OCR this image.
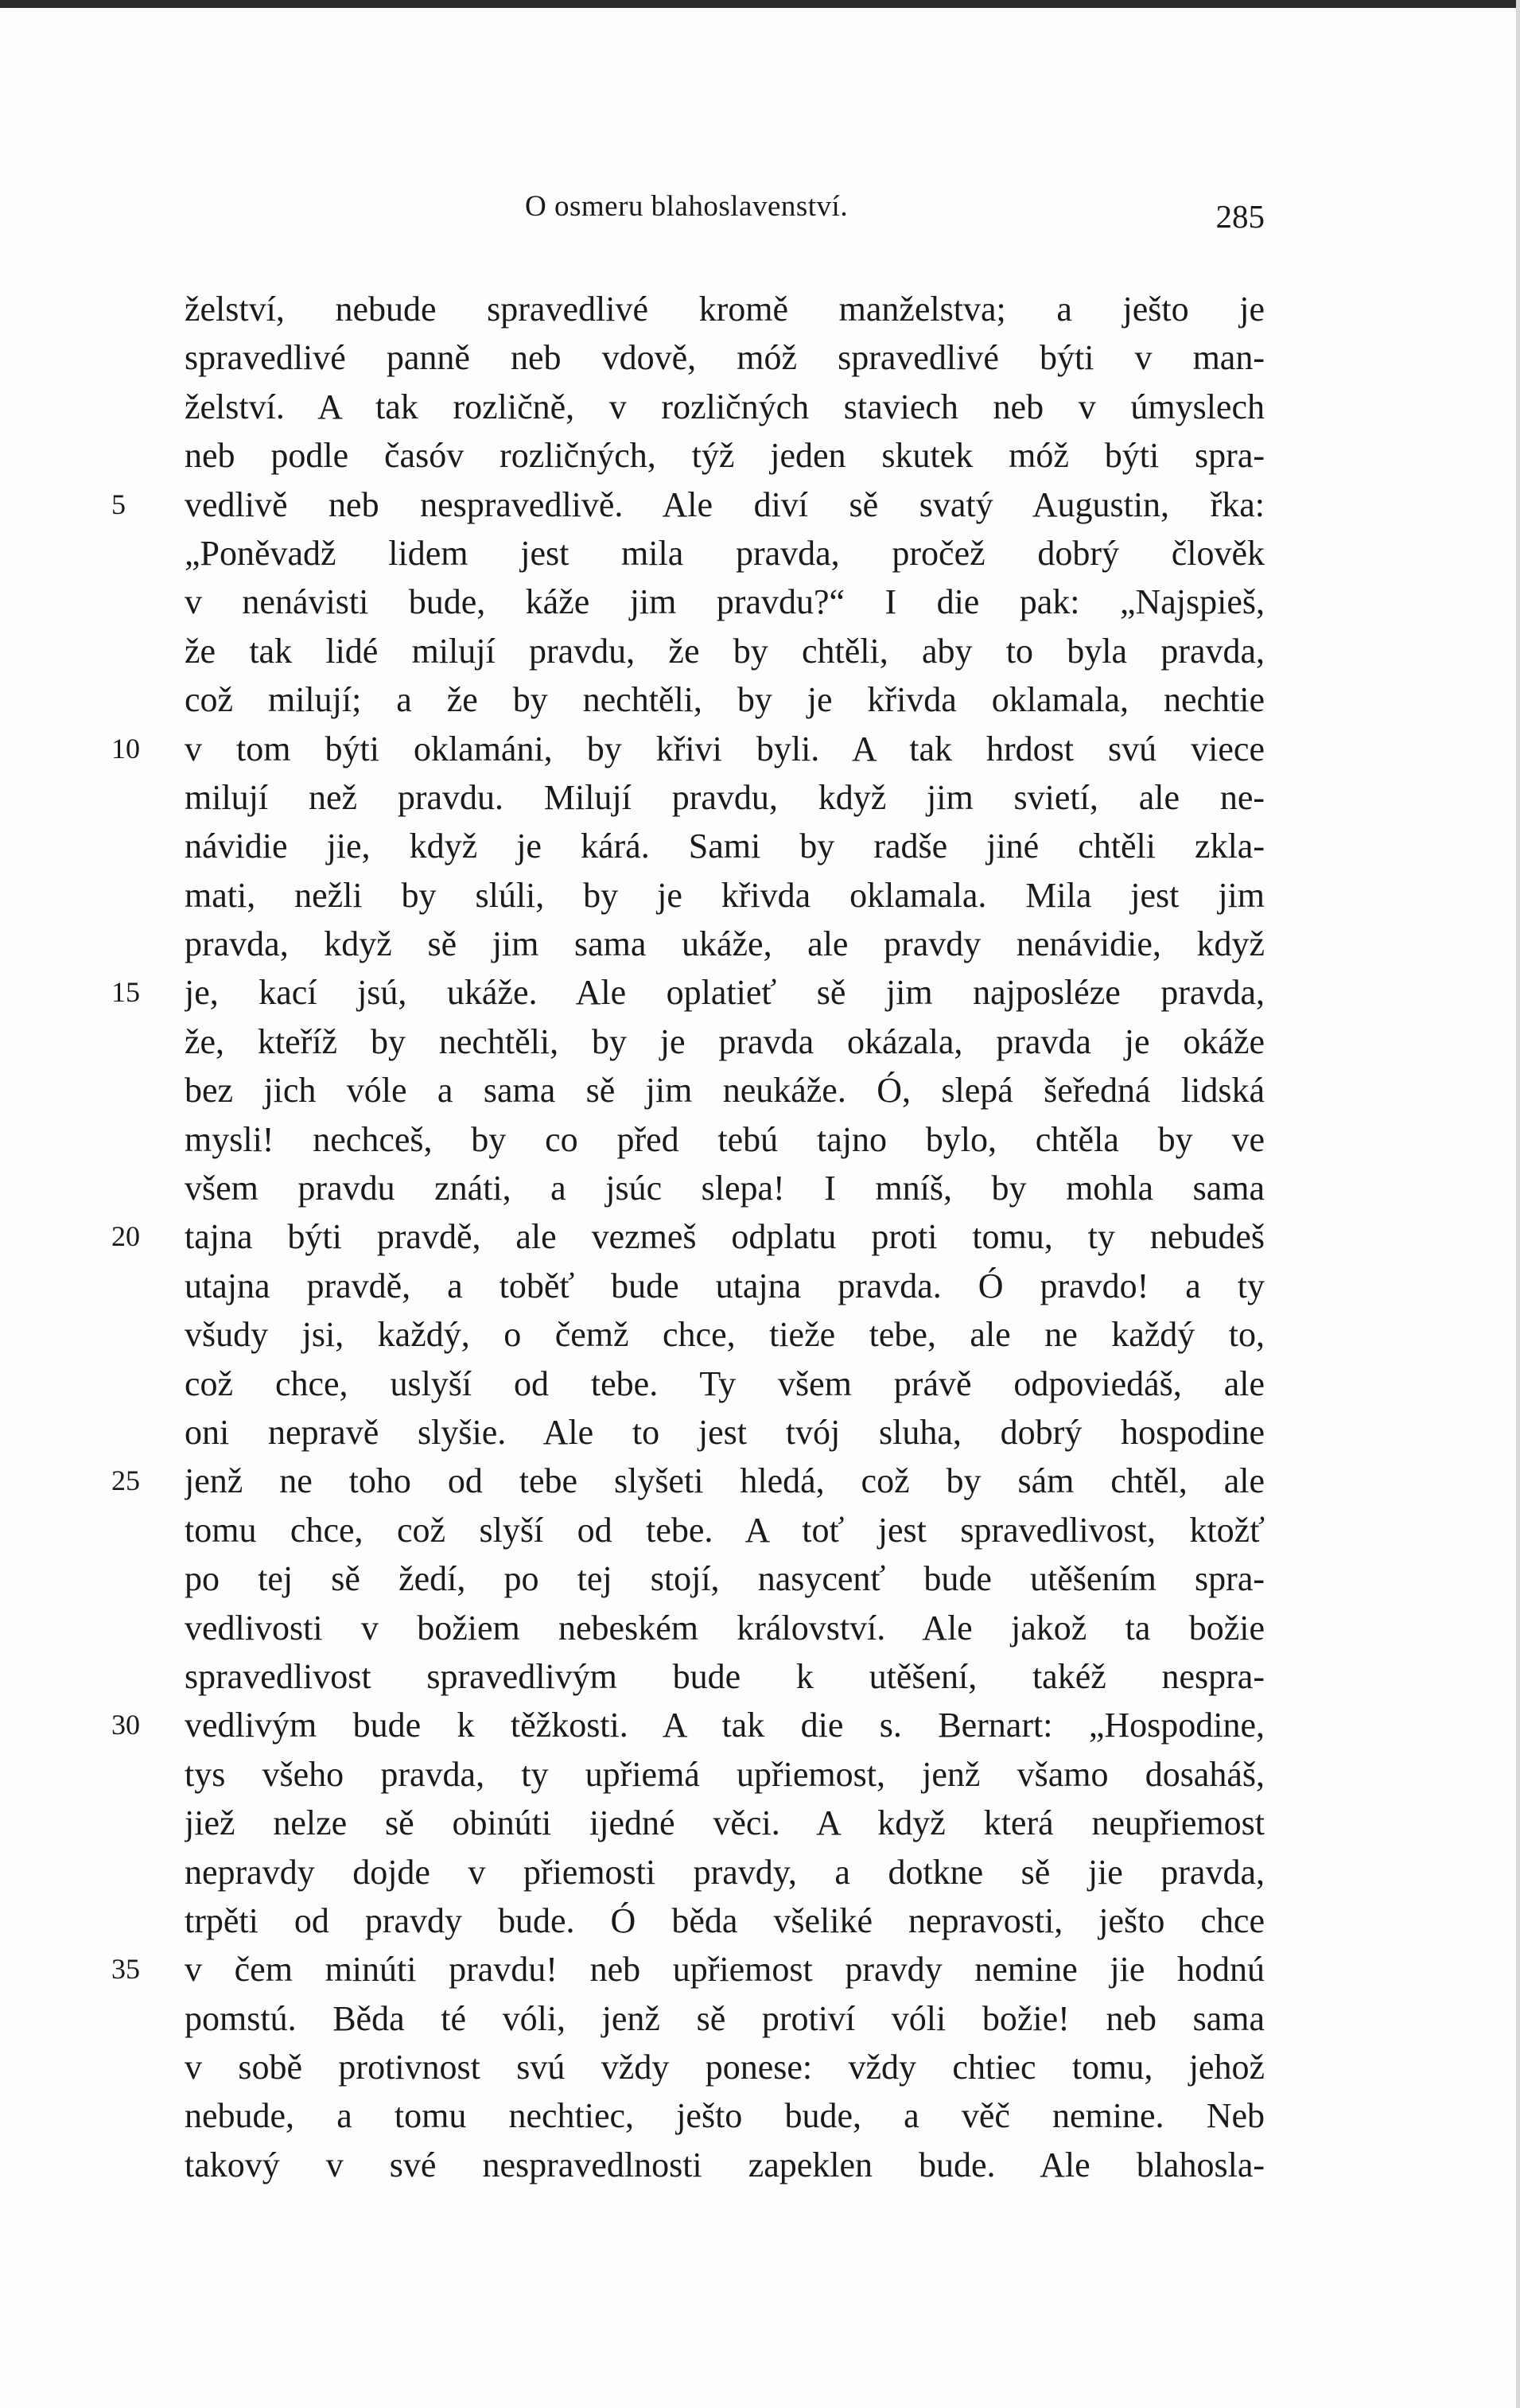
O osmeru blahoslavenství.	285
želství, nebude spravedlivé kromě manželstva; a ješto je
spravedlivé panně neb vdově, móž spravedlivé býti v man-
želství. A tak rozličně, v rozličných staviech neb v úmyslech
neb podle časóv rozličných, týž jeden skutek móž býti spra-
5	vedlivě neb nespravedlivě. Ale diví sě svatý Augustin, řka:
„Poněvadž lidem jest mila pravda, pročež dobrý člověk
v nenávisti bude, káže jim pravdu?“ I die pak: „Najspieš,
že tak lidé milují pravdu, že by chtěli, aby to byla pravda,
což milují; a že by nechtěli, by je křivda oklamala, nechtie
10	v tom býti oklamáni, by křivi byli. A tak hrdost svú viece
milují než pravdu. Milují pravdu, když jim svietí, ale ne-
návidie jie, když je kárá. Sami by radše jiné chtěli zkla-
mati, nežli by slúli, by je křivda oklamala. Mila jest jim
pravda, když sě jim sama ukáže, ale pravdy nenávidie, když
15	je, kací jsú, ukáže. Ale oplatieť sě jim najposléze pravda,
že, kteříž by nechtěli, by je pravda okázala, pravda je okáže
bez jich vóle a sama sě jim neukáže. Ó, slepá šeředná lidská
mysli! nechceš, by co před tebú tajno bylo, chtěla by ve
všem pravdu znáti, a jsúc slepa! I mníš, by mohla sama
20	tajna býti pravdě, ale vezmeš odplatu proti tomu, ty nebudeš
utajna pravdě, a toběť bude utajna pravda. Ó pravdo! a ty
všudy jsi, každý, o čemž chce, tieže tebe, ale ne každý to,
což chce, uslyší od tebe. Ty všem právě odpoviedáš, ale
oni nepravě slyšie. Ale to jest tvój sluha, dobrý hospodine
25	jenž ne toho od tebe slyšeti hledá, což by sám chtěl, ale
tomu chce, což slyší od tebe. A toť jest spravedlivost, ktožť
po tej sě žedí, po tej stojí, nasycenť bude utěšením spra-
vedlivosti v božiem nebeském království. Ale jakož ta božie
spravedlivost spravedlivým bude k utěšení, takéž nespra-
30	vedlivým bude k těžkosti. A tak die s. Bernart: „Hospodine,
tys všeho pravda, ty upřiemá upřiemost, jenž všamo dosaháš,
jiež nelze sě obinúti ijedné věci. A když která neupřiemost
nepravdy dojde v přiemosti pravdy, a dotkne sě jie pravda,
trpěti od pravdy bude. Ó běda všeliké nepravosti, ješto chce
35	v čem minúti pravdu! neb upřiemost pravdy nemine jie hodnú
pomstú. Běda té vóli, jenž sě protiví vóli božie! neb sama
v sobě protivnost svú vždy ponese: vždy chtiec tomu, jehož
nebude, a tomu nechtiec, ješto bude, a věč nemine. Neb
takový v své nespravedlnosti zapeklen bude. Ale blahosla-
